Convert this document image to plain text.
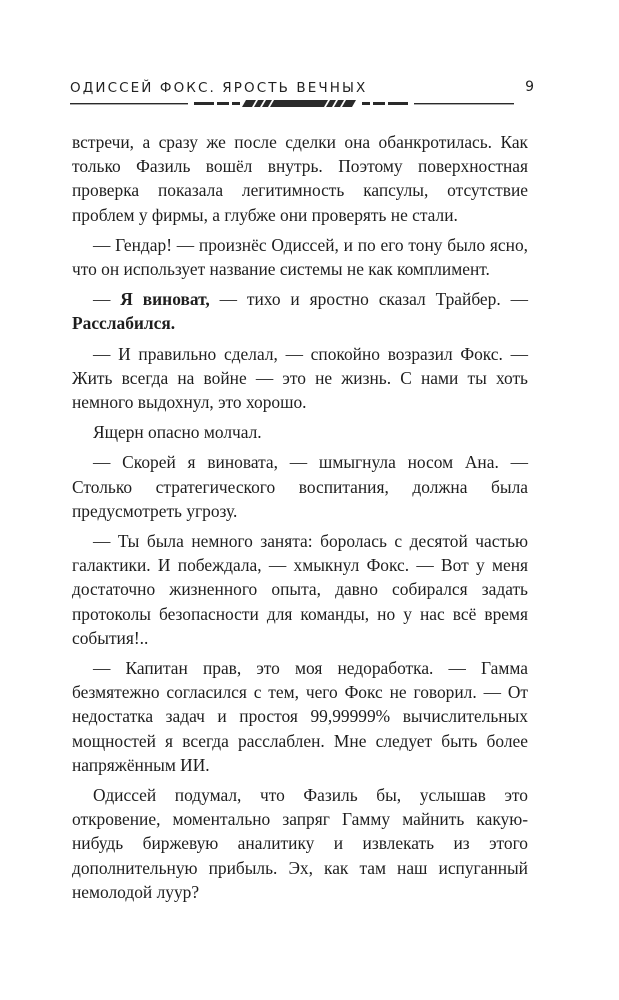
ОДИССЕЙ ФОКС. ЯРОСТЬ ВЕЧНЫХ	9

встречи, а сразу же после сделки она обанкротилась. Как только Фазиль вошёл внутрь. Поэтому поверхностная проверка показала легитимность капсулы, отсутствие проблем у фирмы, а глубже они проверять не стали.

— Гендар! — произнёс Одиссей, и по его тону было ясно, что он использует название системы не как комплимент.

— Я виноват, — тихо и яростно сказал Трайбер. — Расслабился.

— И правильно сделал, — спокойно возразил Фокс. — Жить всегда на войне — это не жизнь. С нами ты хоть немного выдохнул, это хорошо.

Ящерн опасно молчал.

— Скорей я виновата, — шмыгнула носом Ана. — Столько стратегического воспитания, должна была предусмотреть угрозу.

— Ты была немного занята: боролась с десятой частью галактики. И побеждала, — хмыкнул Фокс. — Вот у меня достаточно жизненного опыта, давно собирался задать протоколы безопасности для команды, но у нас всё время события!..

— Капитан прав, это моя недоработка. — Гамма безмятежно согласился с тем, чего Фокс не говорил. — От недостатка задач и простоя 99,99999% вычислительных мощностей я всегда расслаблен. Мне следует быть более напряжённым ИИ.

Одиссей подумал, что Фазиль бы, услышав это откровение, моментально запряг Гамму майнить какую-нибудь биржевую аналитику и извлекать из этого дополнительную прибыль. Эх, как там наш испуганный немолодой луур?
